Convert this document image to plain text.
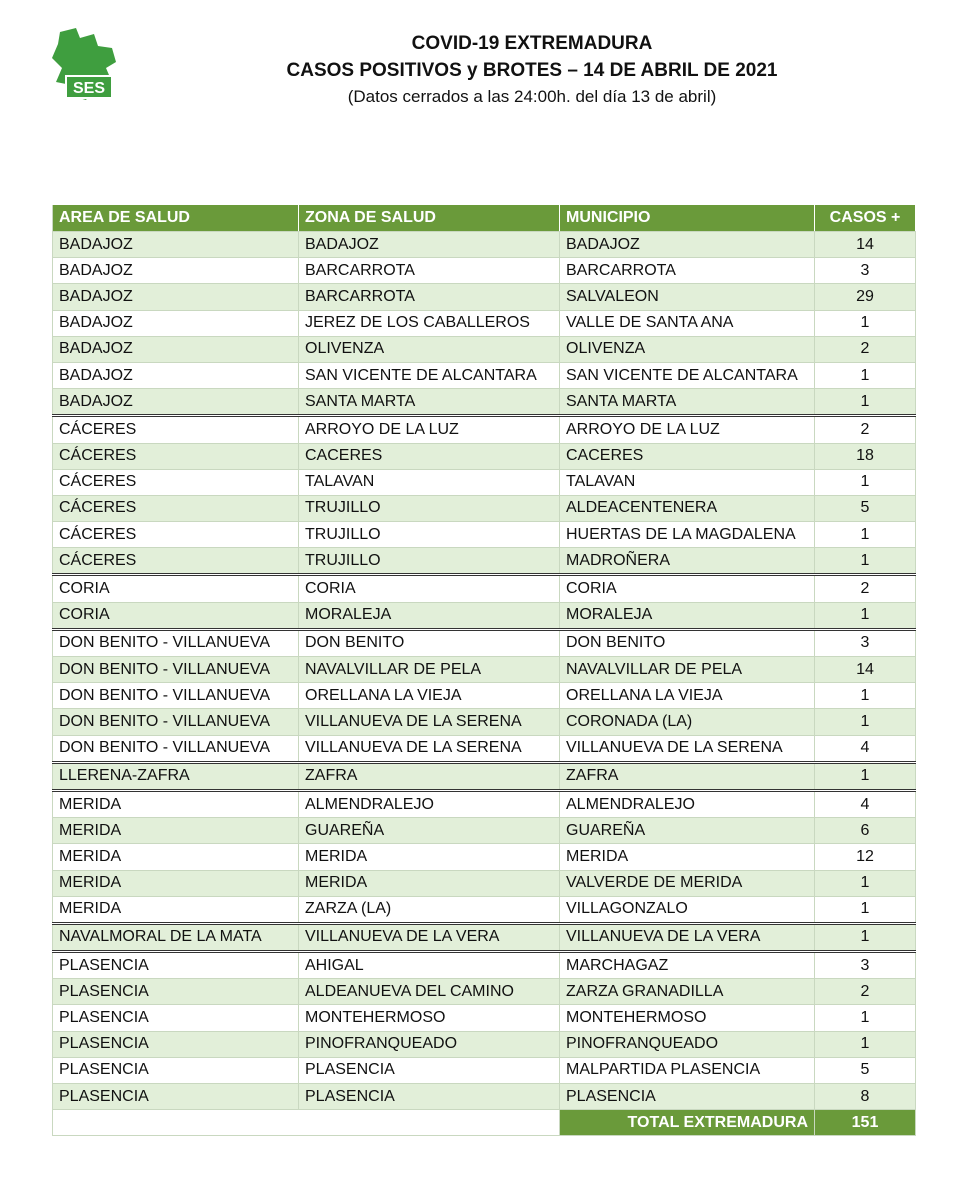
SES
COVID-19 EXTREMADURA
CASOS POSITIVOS y BROTES – 14 DE ABRIL DE 2021
(Datos cerrados a las 24:00h. del día 13 de abril)
AREA DE SALUD	ZONA DE SALUD	MUNICIPIO	CASOS +
BADAJOZ	BADAJOZ	BADAJOZ	14
BADAJOZ	BARCARROTA	BARCARROTA	3
BADAJOZ	BARCARROTA	SALVALEON	29
BADAJOZ	JEREZ DE LOS CABALLEROS	VALLE DE SANTA ANA	1
BADAJOZ	OLIVENZA	OLIVENZA	2
BADAJOZ	SAN VICENTE DE ALCANTARA	SAN VICENTE DE ALCANTARA	1
BADAJOZ	SANTA MARTA	SANTA MARTA	1
CÁCERES	ARROYO DE LA LUZ	ARROYO DE LA LUZ	2
CÁCERES	CACERES	CACERES	18
CÁCERES	TALAVAN	TALAVAN	1
CÁCERES	TRUJILLO	ALDEACENTENERA	5
CÁCERES	TRUJILLO	HUERTAS DE LA MAGDALENA	1
CÁCERES	TRUJILLO	MADROÑERA	1
CORIA	CORIA	CORIA	2
CORIA	MORALEJA	MORALEJA	1
DON BENITO - VILLANUEVA	DON BENITO	DON BENITO	3
DON BENITO - VILLANUEVA	NAVALVILLAR DE PELA	NAVALVILLAR DE PELA	14
DON BENITO - VILLANUEVA	ORELLANA LA VIEJA	ORELLANA LA VIEJA	1
DON BENITO - VILLANUEVA	VILLANUEVA DE LA SERENA	CORONADA (LA)	1
DON BENITO - VILLANUEVA	VILLANUEVA DE LA SERENA	VILLANUEVA DE LA SERENA	4
LLERENA-ZAFRA	ZAFRA	ZAFRA	1
MERIDA	ALMENDRALEJO	ALMENDRALEJO	4
MERIDA	GUAREÑA	GUAREÑA	6
MERIDA	MERIDA	MERIDA	12
MERIDA	MERIDA	VALVERDE DE MERIDA	1
MERIDA	ZARZA (LA)	VILLAGONZALO	1
NAVALMORAL DE LA MATA	VILLANUEVA DE LA VERA	VILLANUEVA DE LA VERA	1
PLASENCIA	AHIGAL	MARCHAGAZ	3
PLASENCIA	ALDEANUEVA DEL CAMINO	ZARZA GRANADILLA	2
PLASENCIA	MONTEHERMOSO	MONTEHERMOSO	1
PLASENCIA	PINOFRANQUEADO	PINOFRANQUEADO	1
PLASENCIA	PLASENCIA	MALPARTIDA PLASENCIA	5
PLASENCIA	PLASENCIA	PLASENCIA	8
		TOTAL EXTREMADURA	151
